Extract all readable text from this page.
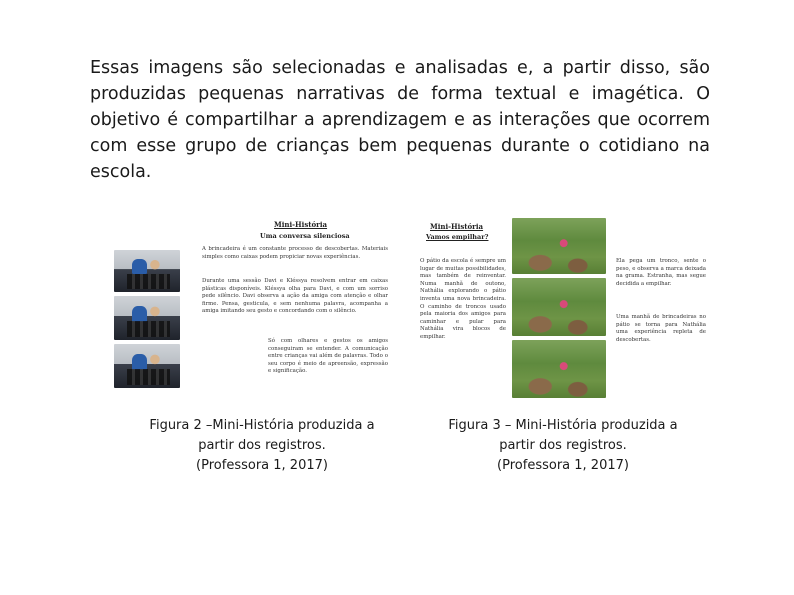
Essas imagens são selecionadas e analisadas e, a partir disso, são produzidas pequenas narrativas de forma textual e imagética. O objetivo é compartilhar a aprendizagem e as interações que ocorrem com esse grupo de crianças bem pequenas durante o cotidiano na escola.
Mini-História
Uma conversa silenciosa
A brincadeira é um constante processo de descobertas. Materiais simples como caixas podem propiciar novas experiências.
Durante uma sessão Davi e Kléssya resolvem entrar em caixas plásticas disponíveis. Kléssya olha para Davi, e com um sorriso pede silêncio. Davi observa a ação da amiga com atenção e olhar firme. Pensa, gesticula, e sem nenhuma palavra, acompanha a amiga imitando seu gesto e concordando com o silêncio.
Só com olhares e gestos os amigos conseguiram se entender. A comunicação entre crianças vai além de palavras. Todo o seu corpo é meio de apreensão, expressão e significação.
Mini-História
Vamos empilhar?
O pátio da escola é sempre um lugar de muitas possibilidades, mas também de reinventar. Numa manhã de outono, Nathália explorando o pátio inventa uma nova brincadeira. O caminho de troncos usado pela maioria dos amigos para caminhar e pular para Nathália vira blocos de empilhar.
Ela pega um tronco, sente o peso, e observa a marca deixada na grama. Estranha, mas segue decidida a empilhar.
Uma manhã de brincadeiras no pátio se torna para Nathália uma experiência repleta de descobertas.
Figura 2 –Mini-História produzida a
partir dos registros.
(Professora 1, 2017)
Figura 3 – Mini-História produzida a
partir dos registros.
(Professora 1, 2017)
